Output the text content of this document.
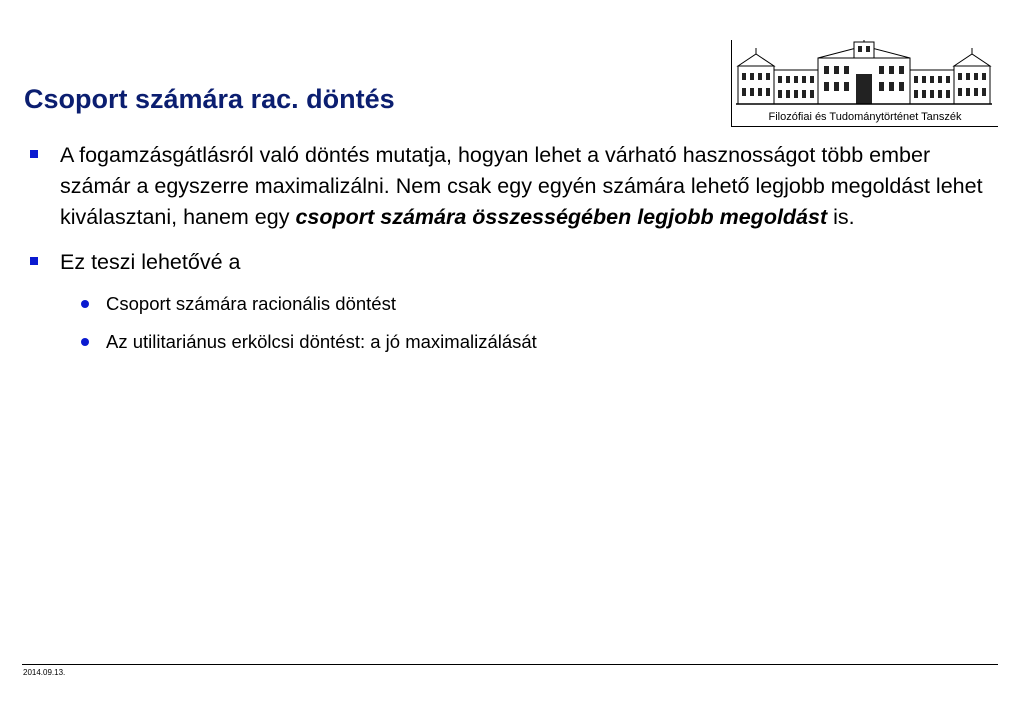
Csoport számára rac. döntés
Filozófiai és Tudománytörténet Tanszék
A fogamzásgátlásról való döntés mutatja, hogyan lehet a várható hasznosságot több ember számár a egyszerre maximalizálni. Nem csak egy egyén számára lehető legjobb megoldást lehet kiválasztani, hanem egy csoport számára összességében legjobb megoldást is.
Ez teszi lehetővé a
Csoport számára racionális döntést
Az utilitariánus erkölcsi döntést: a jó maximalizálását
2014.09.13.
